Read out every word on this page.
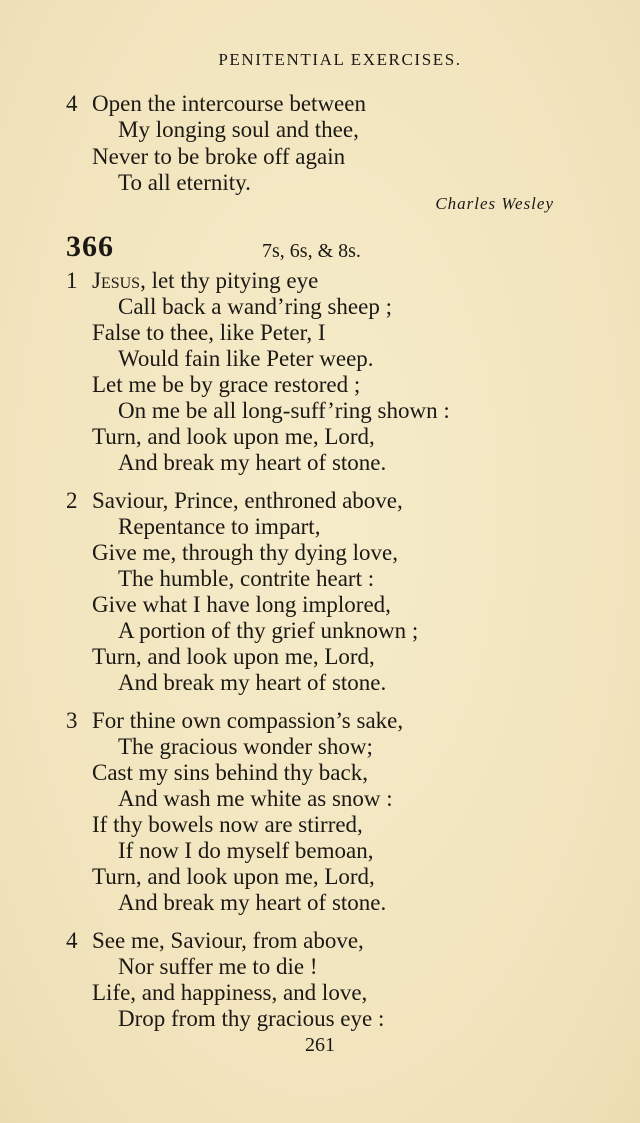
PENITENTIAL EXERCISES.
4 Open the intercourse between
My longing soul and thee,
Never to be broke off again
To all eternity.
Charles Wesley
366	7s, 6s, & 8s.
1 Jesus, let thy pitying eye
Call back a wand’ring sheep ;
False to thee, like Peter, I
Would fain like Peter weep.
Let me be by grace restored ;
On me be all long-suff’ring shown :
Turn, and look upon me, Lord,
And break my heart of stone.
2 Saviour, Prince, enthroned above,
Repentance to impart,
Give me, through thy dying love,
The humble, contrite heart :
Give what I have long implored,
A portion of thy grief unknown ;
Turn, and look upon me, Lord,
And break my heart of stone.
3 For thine own compassion’s sake,
The gracious wonder show;
Cast my sins behind thy back,
And wash me white as snow :
If thy bowels now are stirred,
If now I do myself bemoan,
Turn, and look upon me, Lord,
And break my heart of stone.
4 See me, Saviour, from above,
Nor suffer me to die !
Life, and happiness, and love,
Drop from thy gracious eye :
261
